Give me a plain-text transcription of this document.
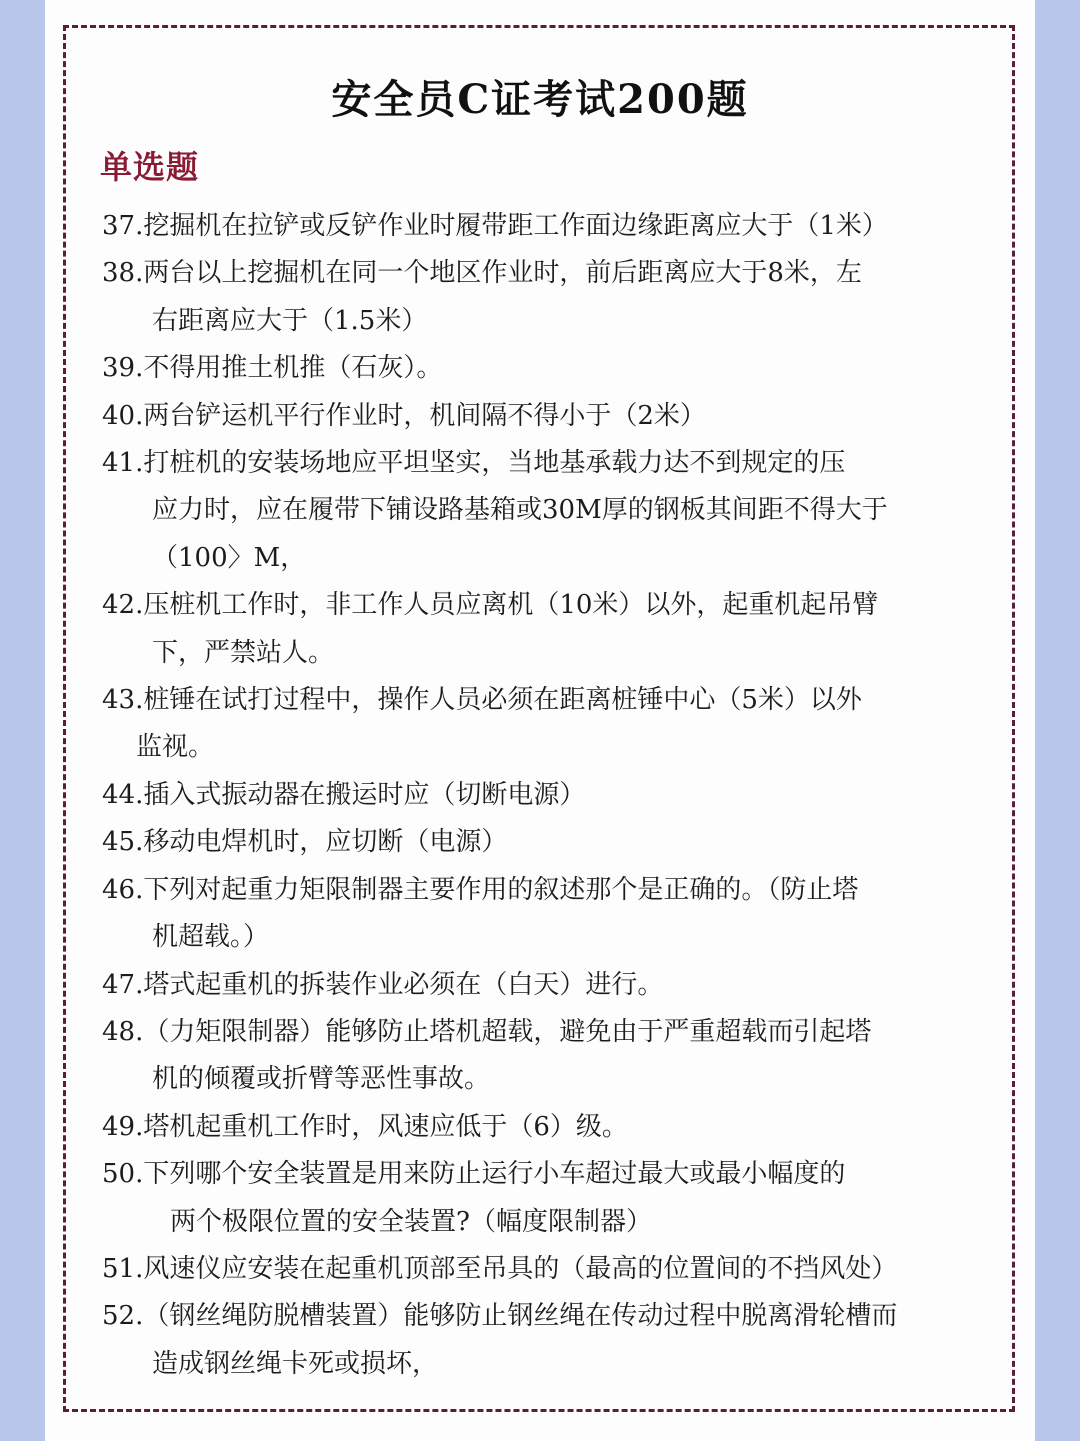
安全员C证考试200题
单选题

37.挖掘机在拉铲或反铲作业时履带距工作面边缘距离应大于（1米）

38.两台以上挖掘机在同一个地区作业时，前后距离应大于8米，左
右距离应大于（1.5米）

39.不得用推土机推（石灰）。

40.两台铲运机平行作业时，机间隔不得小于（2米）

41.打桩机的安装场地应平坦坚实，当地基承载力达不到规定的压
应力时，应在履带下铺设路基箱或30M厚的钢板其间距不得大于
（100〉M，

42.压桩机工作时，非工作人员应离机（10米）以外，起重机起吊臂
下，严禁站人。

43.桩锤在试打过程中，操作人员必须在距离桩锤中心（5米）以外
监视。

44.插入式振动器在搬运时应（切断电源）

45.移动电焊机时，应切断（电源）

46.下列对起重力矩限制器主要作用的叙述那个是正确的。（防止塔
机超载。）

47.塔式起重机的拆装作业必须在（白天）进行。

48.（力矩限制器）能够防止塔机超载，避免由于严重超载而引起塔
机的倾覆或折臂等恶性事故。

49.塔机起重机工作时，风速应低于（6）级。

50.下列哪个安全装置是用来防止运行小车超过最大或最小幅度的
两个极限位置的安全装置?（幅度限制器）

51.风速仪应安装在起重机顶部至吊具的（最高的位置间的不挡风处）

52.（钢丝绳防脱槽装置）能够防止钢丝绳在传动过程中脱离滑轮槽而
造成钢丝绳卡死或损坏，
